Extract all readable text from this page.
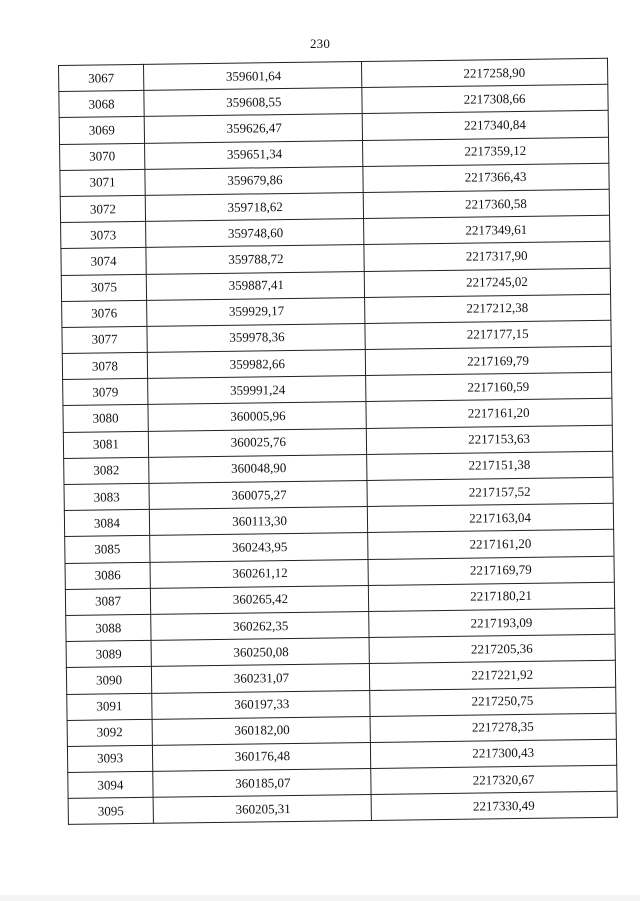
230
3067	359601,64	2217258,90
3068	359608,55	2217308,66
3069	359626,47	2217340,84
3070	359651,34	2217359,12
3071	359679,86	2217366,43
3072	359718,62	2217360,58
3073	359748,60	2217349,61
3074	359788,72	2217317,90
3075	359887,41	2217245,02
3076	359929,17	2217212,38
3077	359978,36	2217177,15
3078	359982,66	2217169,79
3079	359991,24	2217160,59
3080	360005,96	2217161,20
3081	360025,76	2217153,63
3082	360048,90	2217151,38
3083	360075,27	2217157,52
3084	360113,30	2217163,04
3085	360243,95	2217161,20
3086	360261,12	2217169,79
3087	360265,42	2217180,21
3088	360262,35	2217193,09
3089	360250,08	2217205,36
3090	360231,07	2217221,92
3091	360197,33	2217250,75
3092	360182,00	2217278,35
3093	360176,48	2217300,43
3094	360185,07	2217320,67
3095	360205,31	2217330,49
